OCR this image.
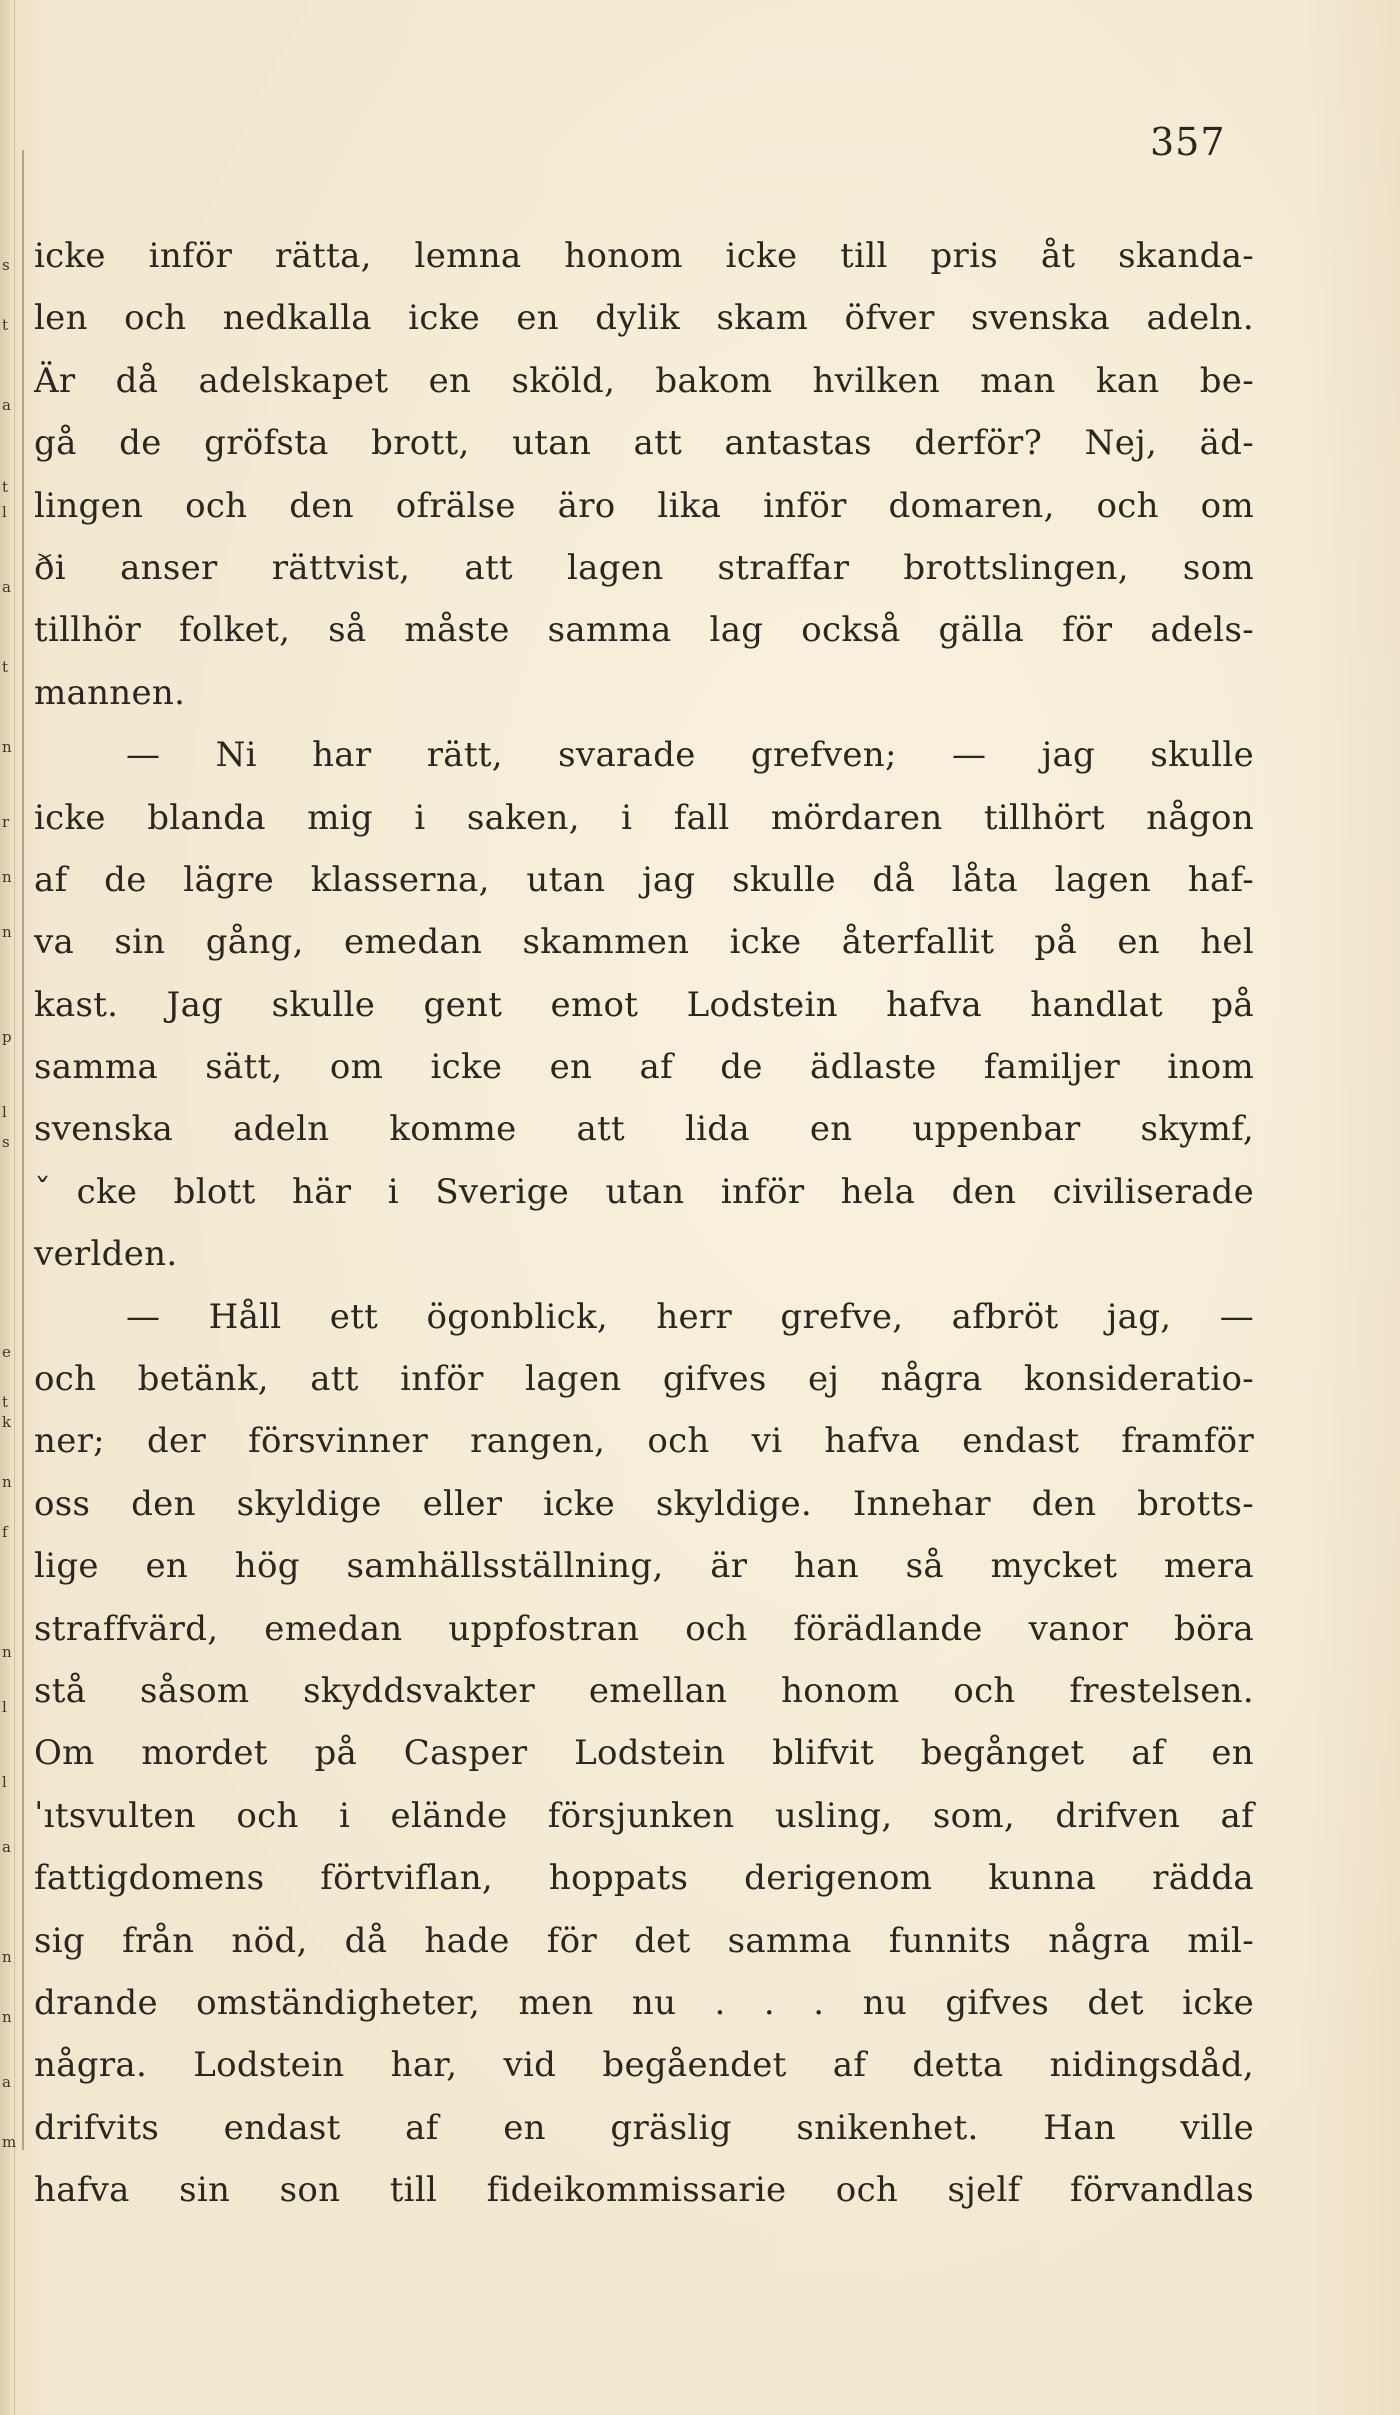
s
t
a
t
l
a
t
n
r
n
n
p
l
s
e
t
k
n
f
n
l
l
a
n
n
a
m
357
icke inför rätta, lemna honom icke till pris åt skanda-
len och nedkalla icke en dylik skam öfver svenska adeln.
Är då adelskapet en sköld, bakom hvilken man kan be-
gå de gröfsta brott, utan att antastas derför? Nej, äd-
lingen och den ofrälse äro lika inför domaren, och om
ði anser rättvist, att lagen straffar brottslingen, som
tillhör folket, så måste samma lag också gälla för adels-
mannen.
— Ni har rätt, svarade grefven; — jag skulle
icke blanda mig i saken, i fall mördaren tillhört någon
af de lägre klasserna, utan jag skulle då låta lagen haf-
va sin gång, emedan skammen icke återfallit på en hel
kast. Jag skulle gent emot Lodstein hafva handlat på
samma sätt, om icke en af de ädlaste familjer inom
svenska adeln komme att lida en uppenbar skymf,
ˇcke blott här i Sverige utan inför hela den civiliserade
verlden.
— Håll ett ögonblick, herr grefve, afbröt jag, —
och betänk, att inför lagen gifves ej några konsideratio-
ner; der försvinner rangen, och vi hafva endast framför
oss den skyldige eller icke skyldige. Innehar den brotts-
lige en hög samhällsställning, är han så mycket mera
straffvärd, emedan uppfostran och förädlande vanor böra
stå såsom skyddsvakter emellan honom och frestelsen.
Om mordet på Casper Lodstein blifvit begånget af en
ˈıtsvulten och i elände försjunken usling, som, drifven af
fattigdomens förtviflan, hoppats derigenom kunna rädda
sig från nöd, då hade för det samma funnits några mil-
drande omständigheter, men nu . . . nu gifves det icke
några. Lodstein har, vid begåendet af detta nidingsdåd,
drifvits endast af en gräslig snikenhet. Han ville
hafva sin son till fideikommissarie och sjelf förvandlas
